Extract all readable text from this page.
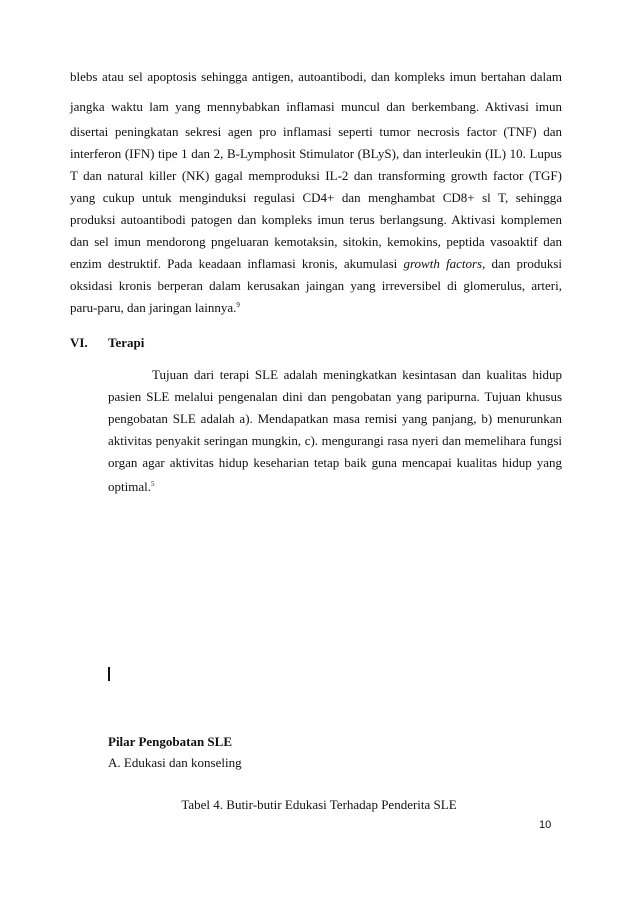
blebs atau sel apoptosis sehingga antigen, autoantibodi, dan kompleks imun bertahan dalam
jangka waktu lam yang mennybabkan inflamasi muncul dan berkembang. Aktivasi imun
disertai peningkatan sekresi agen pro inflamasi seperti tumor necrosis factor (TNF) dan
interferon (IFN) tipe 1 dan 2, B-Lymphosit Stimulator (BLyS), dan interleukin (IL) 10. Lupus
T dan natural killer (NK) gagal memproduksi IL-2 dan transforming growth factor (TGF)
yang cukup untuk menginduksi regulasi CD4+ dan menghambat CD8+ sl T, sehingga
produksi autoantibodi patogen dan kompleks imun terus berlangsung. Aktivasi komplemen
dan sel imun mendorong pngeluaran kemotaksin, sitokin, kemokins, peptida vasoaktif dan
enzim destruktif. Pada keadaan inflamasi kronis, akumulasi growth factors, dan produksi
oksidasi kronis berperan dalam kerusakan jaingan yang irreversibel di glomerulus, arteri,
paru-paru, dan jaringan lainnya.$^9$
VI. Terapi
Tujuan dari terapi SLE adalah meningkatkan kesintasan dan kualitas hidup
pasien SLE melalui pengenalan dini dan pengobatan yang paripurna. Tujuan khusus
pengobatan SLE adalah a). Mendapatkan masa remisi yang panjang, b) menurunkan
aktivitas penyakit seringan mungkin, c). mengurangi rasa nyeri dan memelihara fungsi
organ agar aktivitas hidup keseharian tetap baik guna mencapai kualitas hidup yang
optimal.$^5$
Pilar Pengobatan SLE
A. Edukasi dan konseling
Tabel 4. Butir-butir Edukasi Terhadap Penderita SLE
10
